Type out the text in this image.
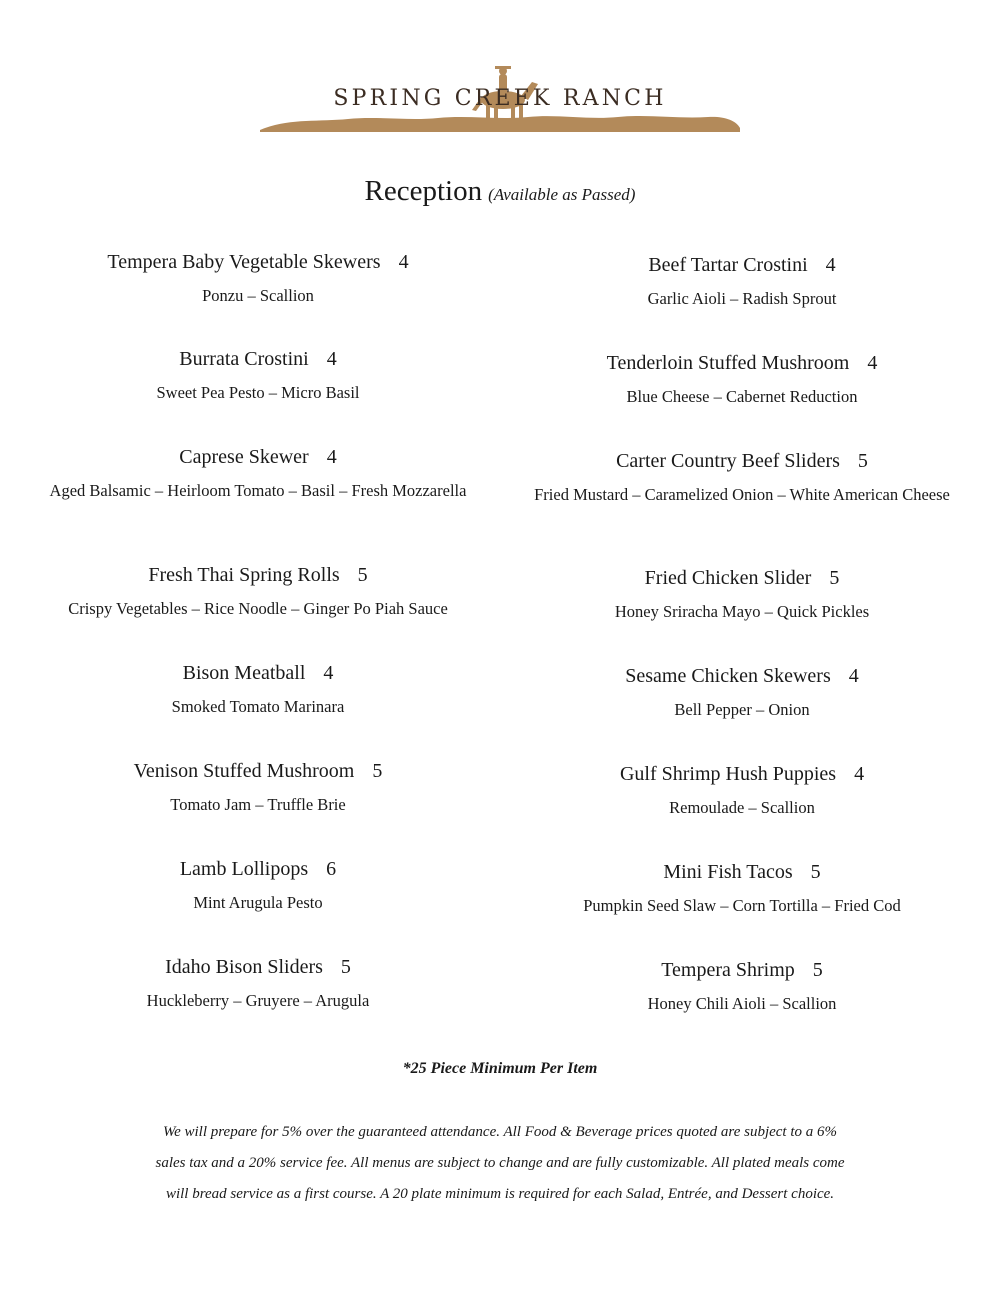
SPRING CREEK RANCH
Reception (Available as Passed)
Tempera Baby Vegetable Skewers 4
Ponzu – Scallion
Burrata Crostini 4
Sweet Pea Pesto – Micro Basil
Caprese Skewer 4
Aged Balsamic – Heirloom Tomato – Basil – Fresh Mozzarella
Fresh Thai Spring Rolls 5
Crispy Vegetables – Rice Noodle – Ginger Po Piah Sauce
Bison Meatball 4
Smoked Tomato Marinara
Venison Stuffed Mushroom 5
Tomato Jam – Truffle Brie
Lamb Lollipops 6
Mint Arugula Pesto
Idaho Bison Sliders 5
Huckleberry – Gruyere – Arugula
Beef Tartar Crostini 4
Garlic Aioli – Radish Sprout
Tenderloin Stuffed Mushroom 4
Blue Cheese – Cabernet Reduction
Carter Country Beef Sliders 5
Fried Mustard – Caramelized Onion – White American Cheese
Fried Chicken Slider 5
Honey Sriracha Mayo – Quick Pickles
Sesame Chicken Skewers 4
Bell Pepper – Onion
Gulf Shrimp Hush Puppies 4
Remoulade – Scallion
Mini Fish Tacos 5
Pumpkin Seed Slaw – Corn Tortilla – Fried Cod
Tempera Shrimp 5
Honey Chili Aioli – Scallion
*25 Piece Minimum Per Item
We will prepare for 5% over the guaranteed attendance. All Food & Beverage prices quoted are subject to a 6%
sales tax and a 20% service fee. All menus are subject to change and are fully customizable. All plated meals come
will bread service as a first course. A 20 plate minimum is required for each Salad, Entrée, and Dessert choice.
